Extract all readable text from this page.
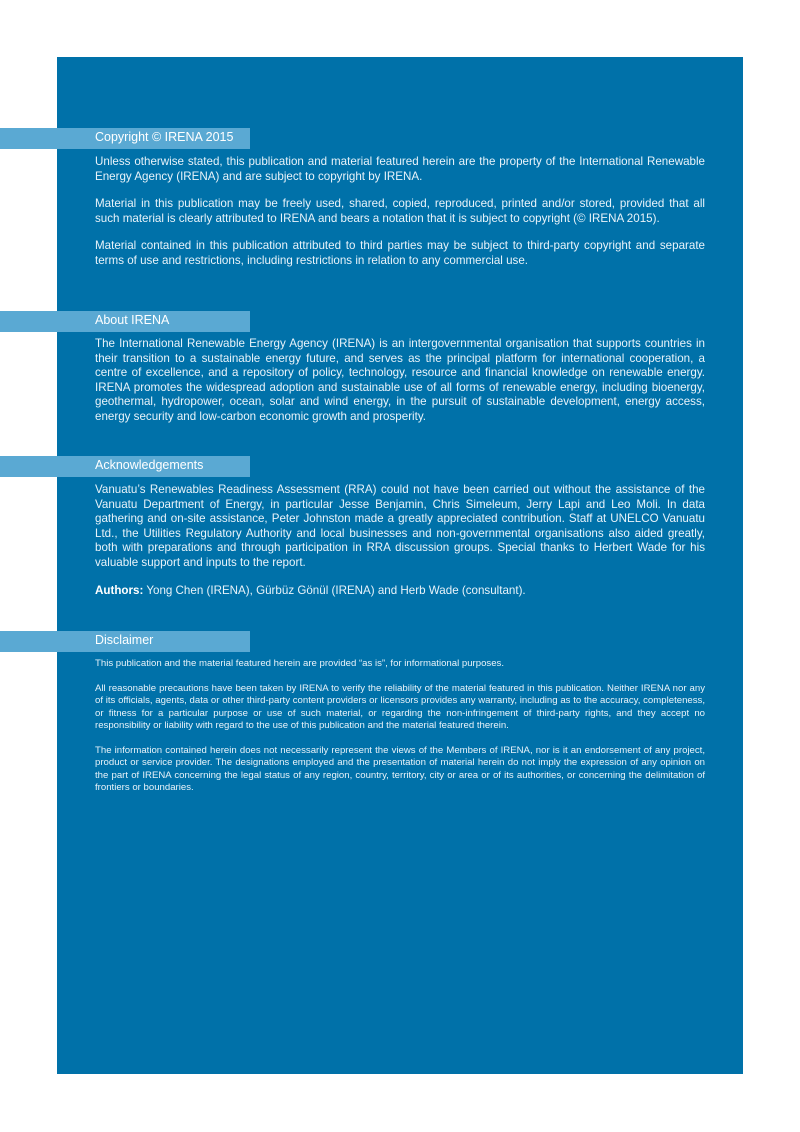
Copyright © IRENA 2015

Unless otherwise stated, this publication and material featured herein are the property of the International Renewable Energy Agency (IRENA) and are subject to copyright by IRENA.

Material in this publication may be freely used, shared, copied, reproduced, printed and/or stored, provided that all such material is clearly attributed to IRENA and bears a notation that it is subject to copyright (© IRENA 2015).

Material contained in this publication attributed to third parties may be subject to third-party copyright and separate terms of use and restrictions, including restrictions in relation to any commercial use.

About IRENA

The International Renewable Energy Agency (IRENA) is an intergovernmental organisation that supports countries in their transition to a sustainable energy future, and serves as the principal platform for international cooperation, a centre of excellence, and a repository of policy, technology, resource and financial knowledge on renewable energy. IRENA promotes the widespread adoption and sustainable use of all forms of renewable energy, including bioenergy, geothermal, hydropower, ocean, solar and wind energy, in the pursuit of sustainable development, energy access, energy security and low-carbon economic growth and prosperity.

Acknowledgements

Vanuatu’s Renewables Readiness Assessment (RRA) could not have been carried out without the assistance of the Vanuatu Department of Energy, in particular Jesse Benjamin, Chris Simeleum, Jerry Lapi and Leo Moli. In data gathering and on-site assistance, Peter Johnston made a greatly appreciated contribution. Staff at UNELCO Vanuatu Ltd., the Utilities Regulatory Authority and local businesses and non-governmental organisations also aided greatly, both with preparations and through participation in RRA discussion groups. Special thanks to Herbert Wade for his valuable support and inputs to the report.

Authors: Yong Chen (IRENA), Gürbüz Gönül (IRENA) and Herb Wade (consultant).

Disclaimer

This publication and the material featured herein are provided “as is”, for informational purposes.

All reasonable precautions have been taken by IRENA to verify the reliability of the material featured in this publication. Neither IRENA nor any of its officials, agents, data or other third-party content providers or licensors provides any warranty, including as to the accuracy, completeness, or fitness for a particular purpose or use of such material, or regarding the non-infringement of third-party rights, and they accept no responsibility or liability with regard to the use of this publication and the material featured therein.

The information contained herein does not necessarily represent the views of the Members of IRENA, nor is it an endorsement of any project, product or service provider. The designations employed and the presentation of material herein do not imply the expression of any opinion on the part of IRENA concerning the legal status of any region, country, territory, city or area or of its authorities, or concerning the delimitation of frontiers or boundaries.
